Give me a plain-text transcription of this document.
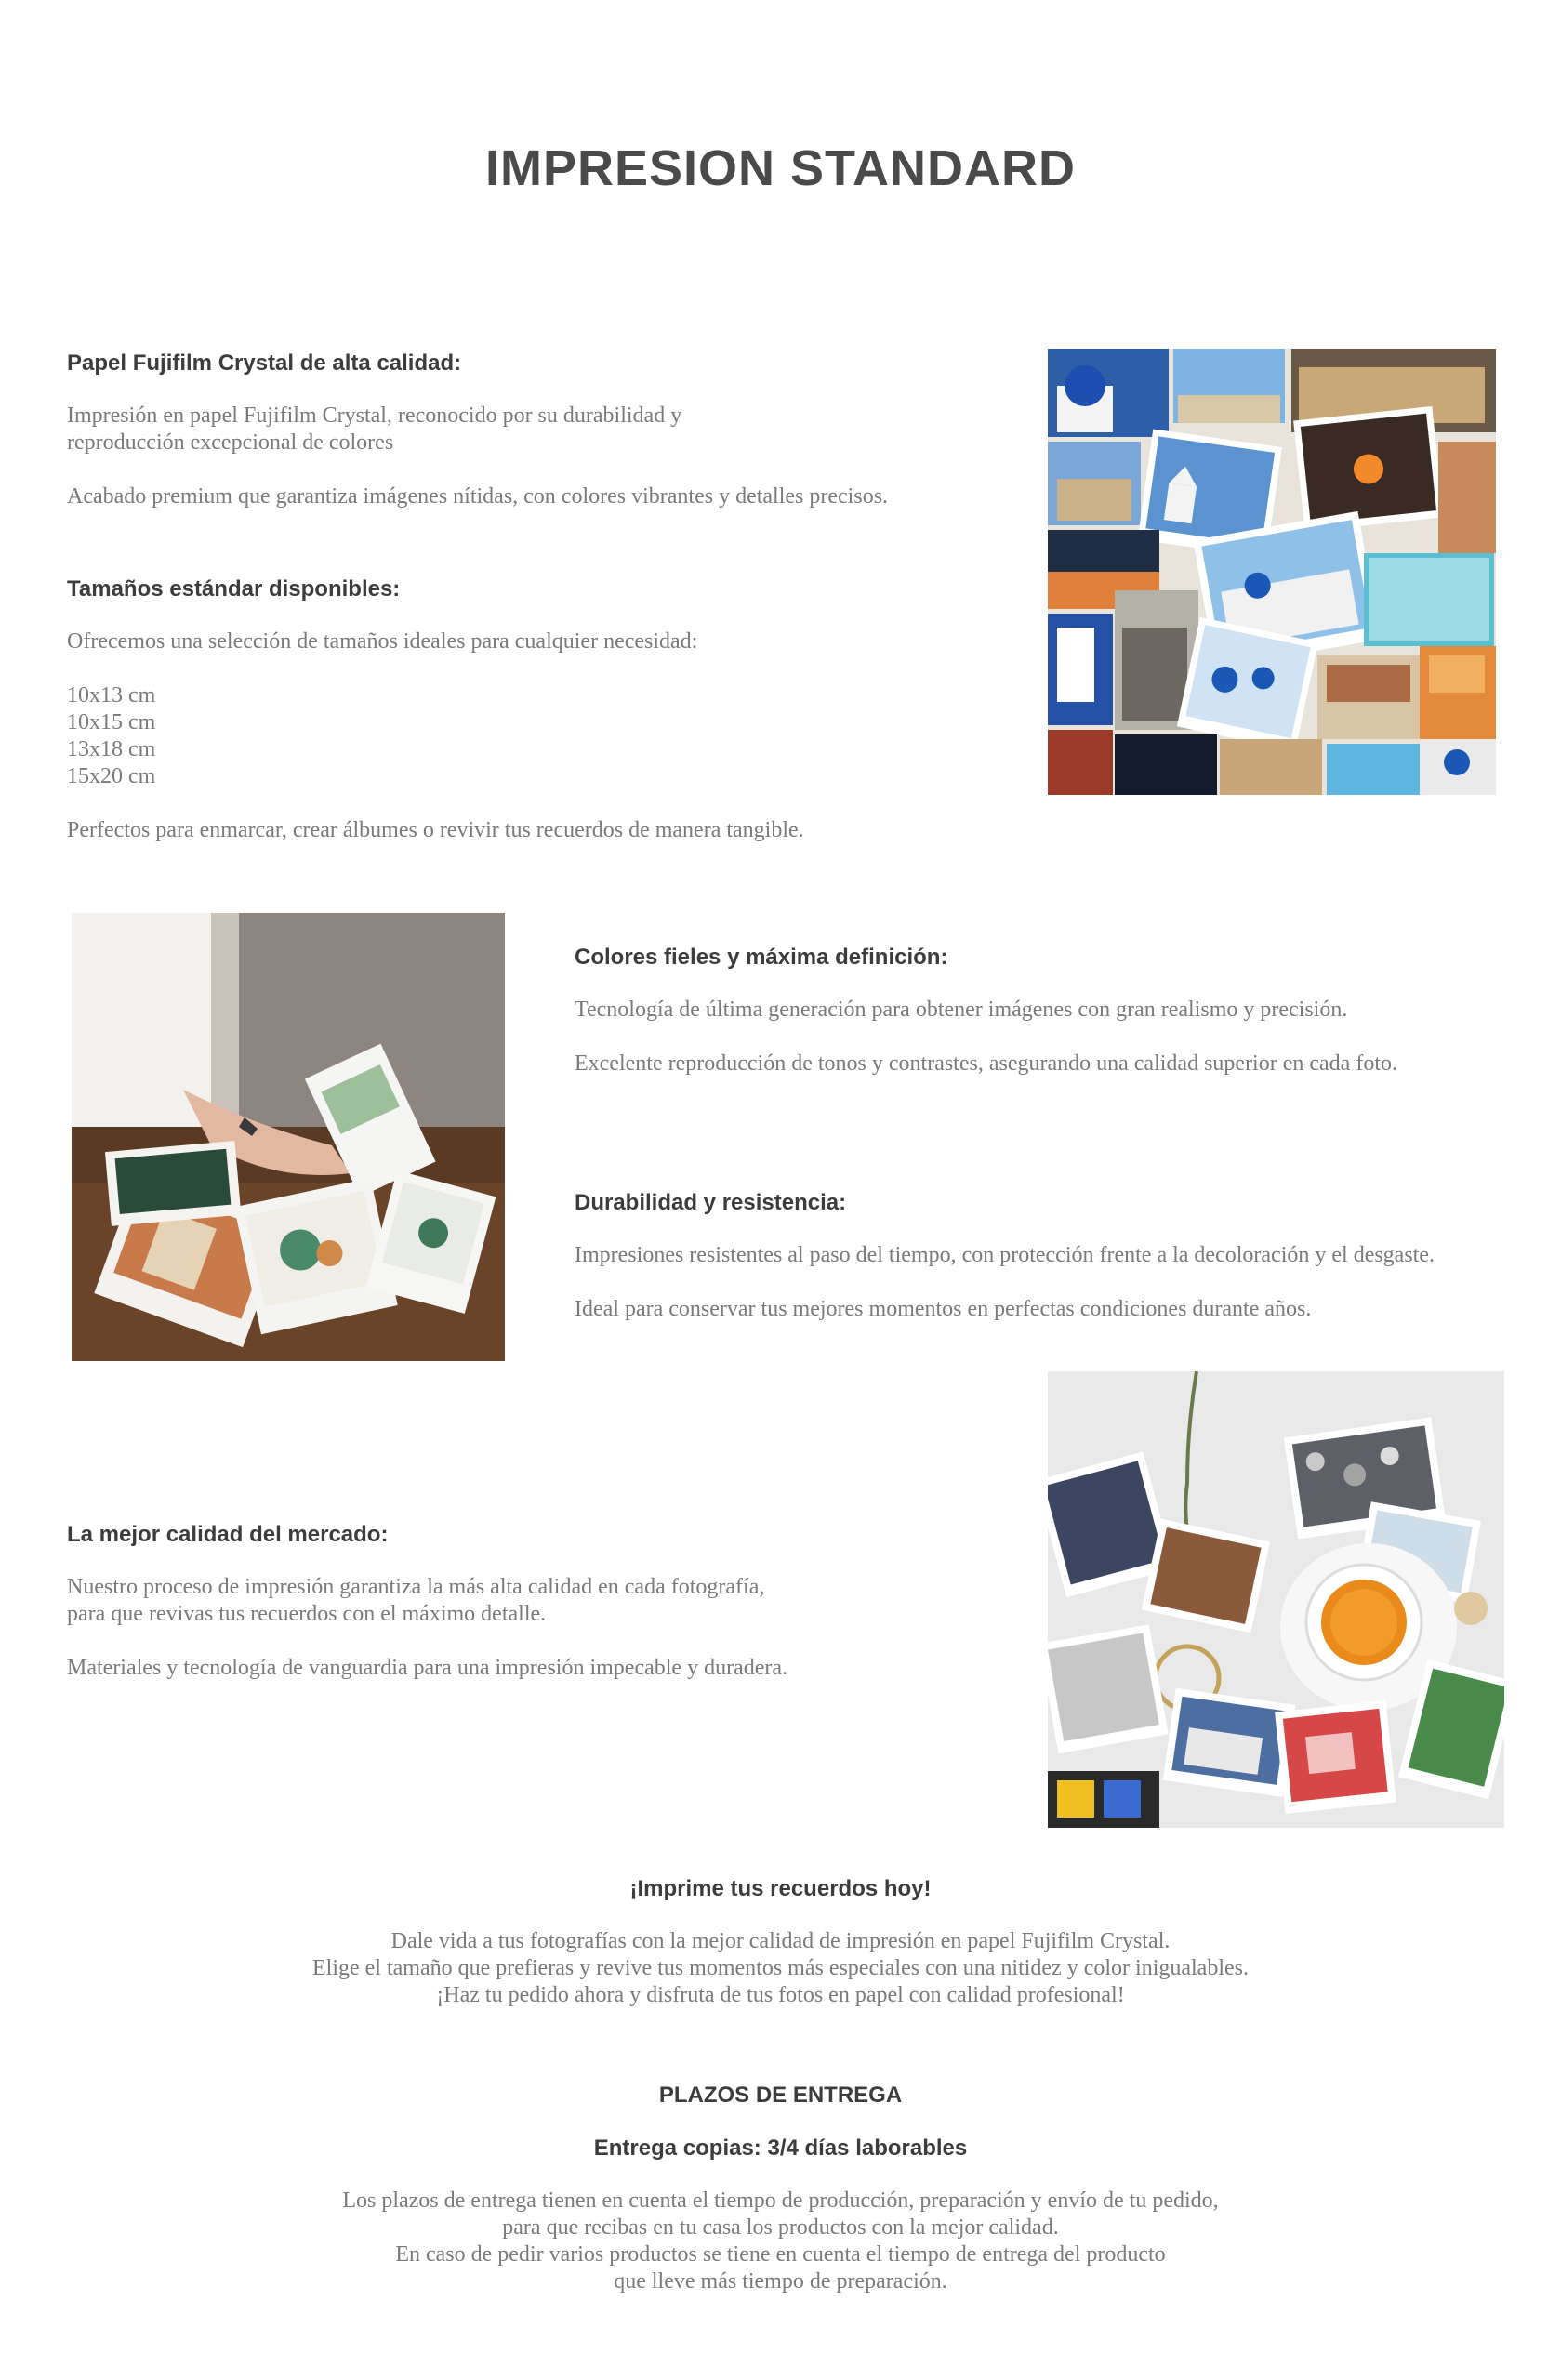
IMPRESION STANDARD
Papel Fujifilm Crystal de alta calidad:

Impresión en papel Fujifilm Crystal, reconocido por su durabilidad y

reproducción excepcional de colores

Acabado premium que garantiza imágenes nítidas, con colores vibrantes y detalles precisos.

Tamaños estándar disponibles:

Ofrecemos una selección de tamaños ideales para cualquier necesidad:

10x13 cm

10x15 cm

13x18 cm

15x20 cm

Perfectos para enmarcar, crear álbumes o revivir tus recuerdos de manera tangible.

Colores fieles y máxima definición:

Tecnología de última generación para obtener imágenes con gran realismo y precisión.

Excelente reproducción de tonos y contrastes, asegurando una calidad superior en cada foto.

Durabilidad y resistencia:

Impresiones resistentes al paso del tiempo, con protección frente a la decoloración y el desgaste.

Ideal para conservar tus mejores momentos en perfectas condiciones durante años.

La mejor calidad del mercado:

Nuestro proceso de impresión garantiza la más alta calidad en cada fotografía,

para que revivas tus recuerdos con el máximo detalle.

Materiales y tecnología de vanguardia para una impresión impecable y duradera.

¡Imprime tus recuerdos hoy!

Dale vida a tus fotografías con la mejor calidad de impresión en papel Fujifilm Crystal.

Elige el tamaño que prefieras y revive tus momentos más especiales con una nitidez y color inigualables.

¡Haz tu pedido ahora y disfruta de tus fotos en papel con calidad profesional!

PLAZOS DE ENTREGA
Entrega copias: 3/4 días laborables

Los plazos de entrega tienen en cuenta el tiempo de producción, preparación y envío de tu pedido,

para que recibas en tu casa los productos con la mejor calidad.

En caso de pedir varios productos se tiene en cuenta el tiempo de entrega del producto

que lleve más tiempo de preparación.
